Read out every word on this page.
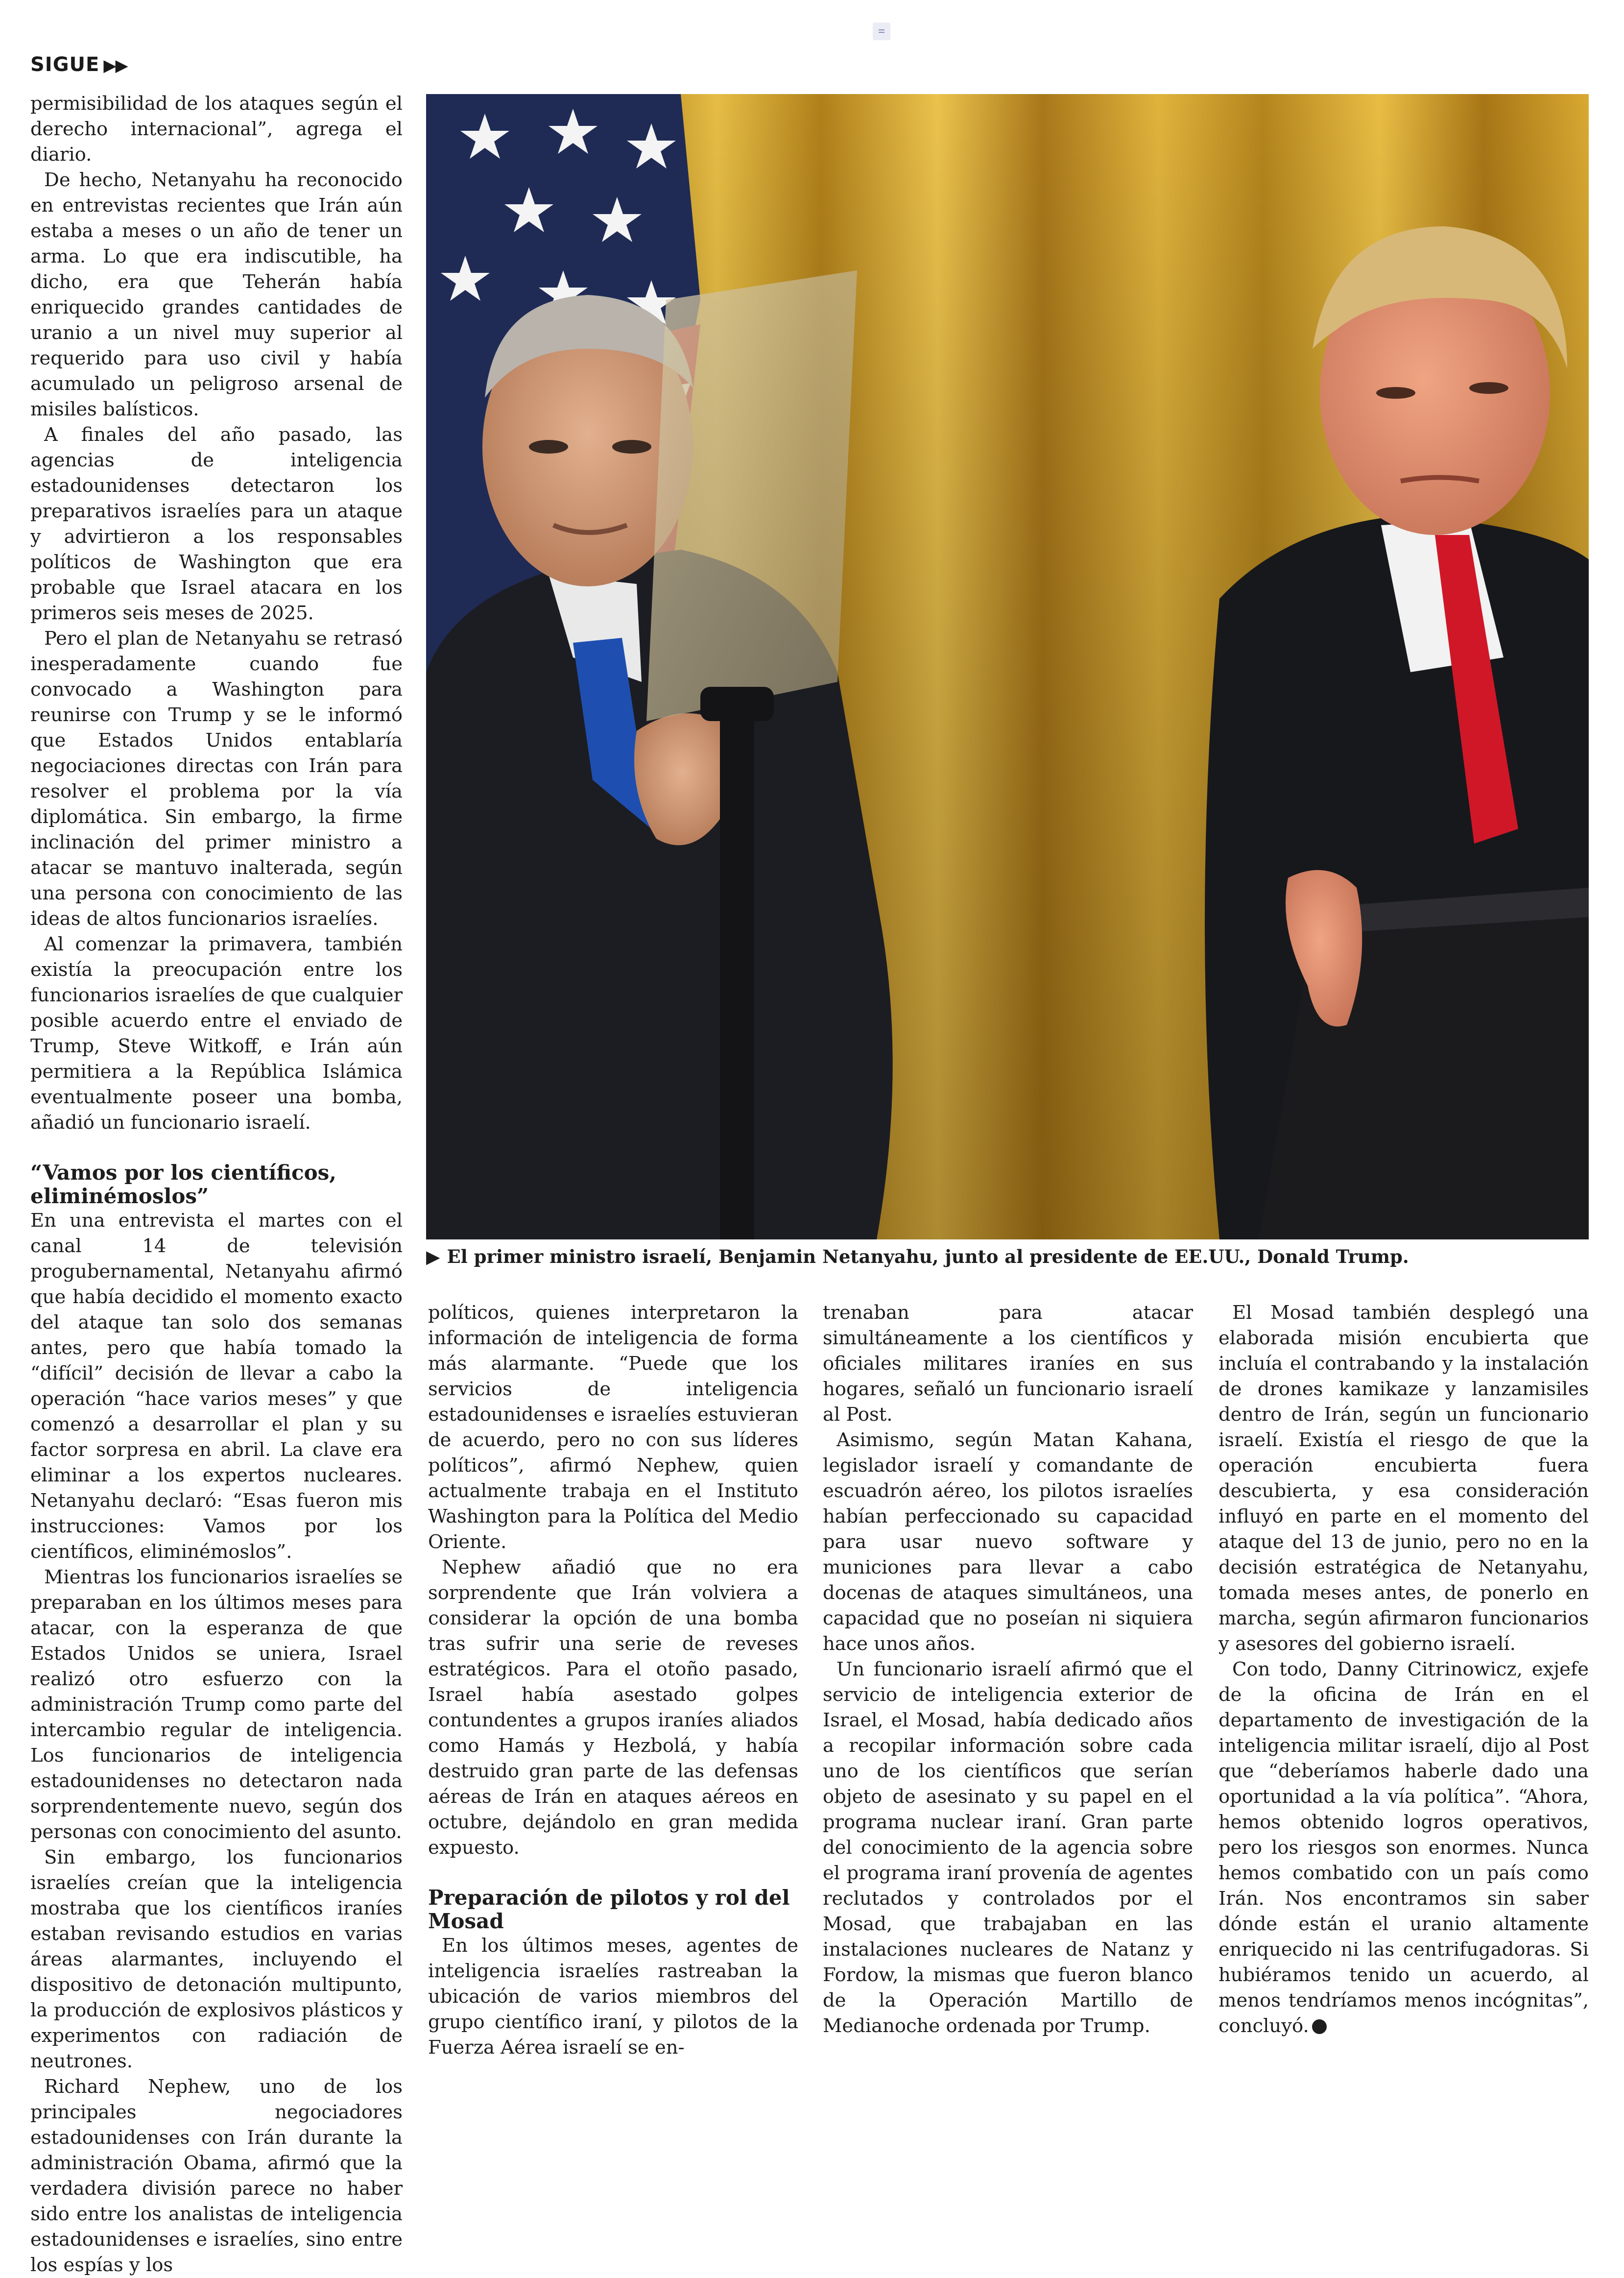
SIGUE ▶▶

permisibilidad de los ataques según el derecho internacional”, agrega el diario.

De hecho, Netanyahu ha reconocido en entrevistas recientes que Irán aún estaba a meses o un año de tener un arma. Lo que era indiscutible, ha dicho, era que Teherán había enriquecido grandes cantidades de uranio a un nivel muy superior al requerido para uso civil y había acumulado un peligroso arsenal de misiles balísticos.

A finales del año pasado, las agencias de inteligencia estadounidenses detectaron los preparativos israelíes para un ataque y advirtieron a los responsables políticos de Washington que era probable que Israel atacara en los primeros seis meses de 2025.

Pero el plan de Netanyahu se retrasó inesperadamente cuando fue convocado a Washington para reunirse con Trump y se le informó que Estados Unidos entablaría negociaciones directas con Irán para resolver el problema por la vía diplomática. Sin embargo, la firme inclinación del primer ministro a atacar se mantuvo inalterada, según una persona con conocimiento de las ideas de altos funcionarios israelíes.

Al comenzar la primavera, también existía la preocupación entre los funcionarios israelíes de que cualquier posible acuerdo entre el enviado de Trump, Steve Witkoff, e Irán aún permitiera a la República Islámica eventualmente poseer una bomba, añadió un funcionario israelí.

“Vamos por los científicos, eliminémoslos”

En una entrevista el martes con el canal 14 de televisión progubernamental, Netanyahu afirmó que había decidido el momento exacto del ataque tan solo dos semanas antes, pero que había tomado la “difícil” decisión de llevar a cabo la operación “hace varios meses” y que comenzó a desarrollar el plan y su factor sorpresa en abril. La clave era eliminar a los expertos nucleares. Netanyahu declaró: “Esas fueron mis instrucciones: Vamos por los científicos, eliminémoslos”.

Mientras los funcionarios israelíes se preparaban en los últimos meses para atacar, con la esperanza de que Estados Unidos se uniera, Israel realizó otro esfuerzo con la administración Trump como parte del intercambio regular de inteligencia. Los funcionarios de inteligencia estadounidenses no detectaron nada sorprendentemente nuevo, según dos personas con conocimiento del asunto.

Sin embargo, los funcionarios israelíes creían que la inteligencia mostraba que los científicos iraníes estaban revisando estudios en varias áreas alarmantes, incluyendo el dispositivo de detonación multipunto, la producción de explosivos plásticos y experimentos con radiación de neutrones.

Richard Nephew, uno de los principales negociadores estadounidenses con Irán durante la administración Obama, afirmó que la verdadera división parece no haber sido entre los analistas de inteligencia estadounidenses e israelíes, sino entre los espías y los

▶ El primer ministro israelí, Benjamin Netanyahu, junto al presidente de EE.UU., Donald Trump.

políticos, quienes interpretaron la información de inteligencia de forma más alarmante. “Puede que los servicios de inteligencia estadounidenses e israelíes estuvieran de acuerdo, pero no con sus líderes políticos”, afirmó Nephew, quien actualmente trabaja en el Instituto Washington para la Política del Medio Oriente.

Nephew añadió que no era sorprendente que Irán volviera a considerar la opción de una bomba tras sufrir una serie de reveses estratégicos. Para el otoño pasado, Israel había asestado golpes contundentes a grupos iraníes aliados como Hamás y Hezbolá, y había destruido gran parte de las defensas aéreas de Irán en ataques aéreos en octubre, dejándolo en gran medida expuesto.

Preparación de pilotos y rol del Mosad

En los últimos meses, agentes de inteligencia israelíes rastreaban la ubicación de varios miembros del grupo científico iraní, y pilotos de la Fuerza Aérea israelí se en-

trenaban para atacar simultáneamente a los científicos y oficiales militares iraníes en sus hogares, señaló un funcionario israelí al Post.

Asimismo, según Matan Kahana, legislador israelí y comandante de escuadrón aéreo, los pilotos israelíes habían perfeccionado su capacidad para usar nuevo software y municiones para llevar a cabo docenas de ataques simultáneos, una capacidad que no poseían ni siquiera hace unos años.

Un funcionario israelí afirmó que el servicio de inteligencia exterior de Israel, el Mosad, había dedicado años a recopilar información sobre cada uno de los científicos que serían objeto de asesinato y su papel en el programa nuclear iraní. Gran parte del conocimiento de la agencia sobre el programa iraní provenía de agentes reclutados y controlados por el Mosad, que trabajaban en las instalaciones nucleares de Natanz y Fordow, la mismas que fueron blanco de la Operación Martillo de Medianoche ordenada por Trump.

El Mosad también desplegó una elaborada misión encubierta que incluía el contrabando y la instalación de drones kamikaze y lanzamisiles dentro de Irán, según un funcionario israelí. Existía el riesgo de que la operación encubierta fuera descubierta, y esa consideración influyó en parte en el momento del ataque del 13 de junio, pero no en la decisión estratégica de Netanyahu, tomada meses antes, de ponerlo en marcha, según afirmaron funcionarios y asesores del gobierno israelí.

Con todo, Danny Citrinowicz, exjefe de la oficina de Irán en el departamento de investigación de la inteligencia militar israelí, dijo al Post que “deberíamos haberle dado una oportunidad a la vía política”. “Ahora, hemos obtenido logros operativos, pero los riesgos son enormes. Nunca hemos combatido con un país como Irán. Nos encontramos sin saber dónde están el uranio altamente enriquecido ni las centrifugadoras. Si hubiéramos tenido un acuerdo, al menos tendríamos menos incógnitas”, concluyó.
